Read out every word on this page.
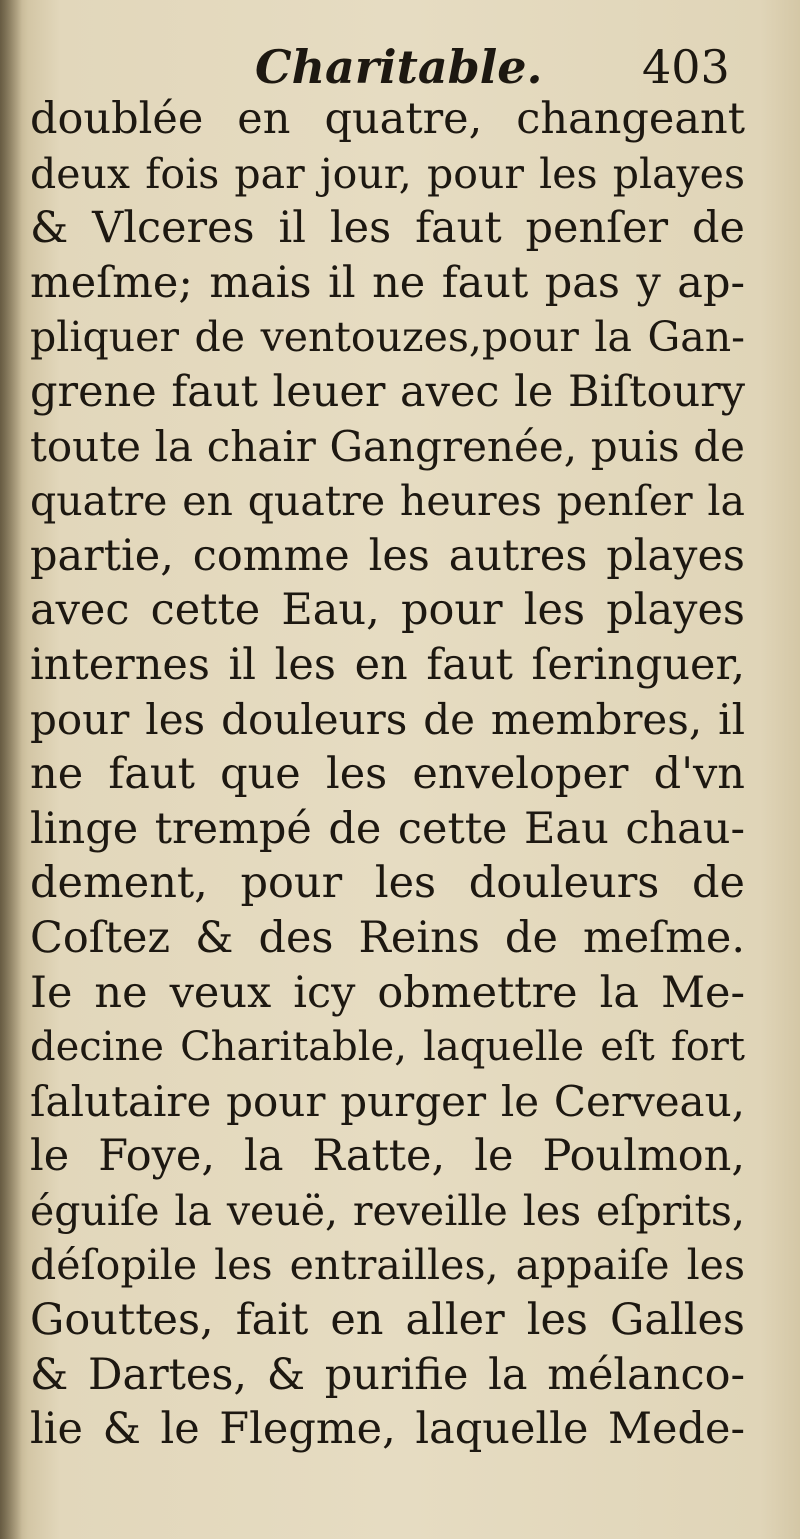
Charitable. 403
doublée en quatre, changeant
deux fois par jour, pour les playes
& Vlceres il les faut penſer de
meſme; mais il ne faut pas y ap-
pliquer de ventouzes,pour la Gan-
grene faut leuer avec le Biſtoury
toute la chair Gangrenée, puis de
quatre en quatre heures penſer la
partie, comme les autres playes
avec cette Eau, pour les playes
internes il les en faut ſeringuer,
pour les douleurs de membres, il
ne faut que les enveloper d'vn
linge trempé de cette Eau chau-
dement, pour les douleurs de
Coſtez & des Reins de meſme.
Ie ne veux icy obmettre la Me-
decine Charitable, laquelle eſt fort
ſalutaire pour purger le Cerveau,
le Foye, la Ratte, le Poulmon,
éguiſe la veuë, reveille les eſprits,
déſopile les entrailles, appaiſe les
Gouttes, fait en aller les Galles
& Dartes, & purifie la mélanco-
lie & le Flegme, laquelle Mede-
